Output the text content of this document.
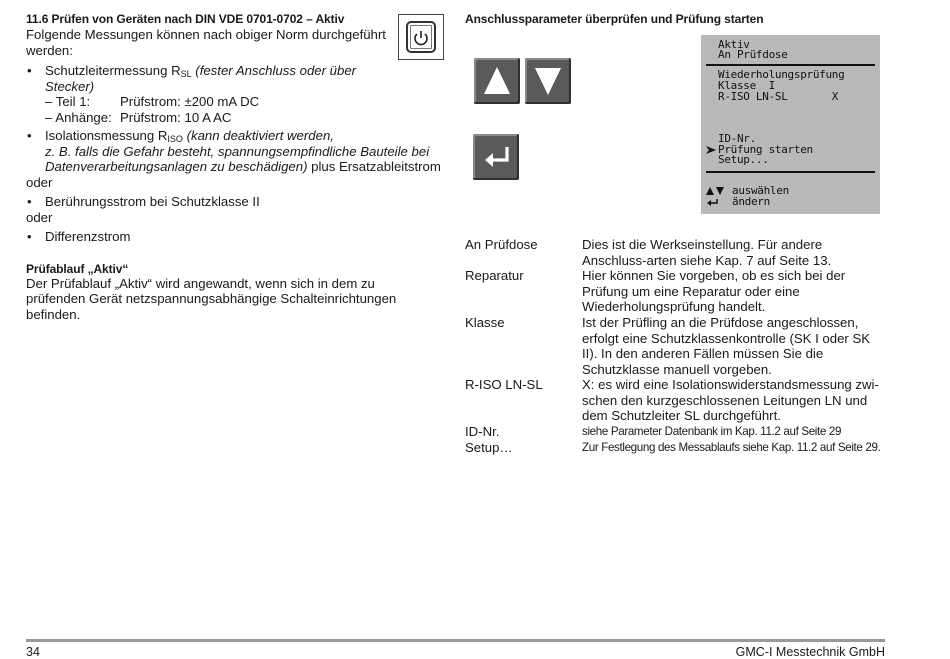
11.6 Prüfen von Geräten nach DIN VDE 0701-0702 – Aktiv
Folgende Messungen können nach obiger Norm durchgeführt werden:
• Schutzleitermessung $R_{SL}$ (fester Anschluss oder über Stecker)
– Teil 1:	Prüfstrom: ±200 mA DC
– Anhänge: Prüfstrom: 10 A AC
• Isolationsmessung $R_{ISO}$ (kann deaktiviert werden,
z. B. falls die Gefahr besteht, spannungsempfindliche Bauteile bei Datenverarbeitungsanlagen zu beschädigen) plus Ersatzableitstrom
oder
• Berührungsstrom bei Schutzklasse II
oder
• Differenzstrom
Prüfablauf „Aktiv“
Der Prüfablauf „Aktiv“ wird angewandt, wenn sich in dem zu prüfenden Gerät netzspannungsabhängige Schalteinrichtungen befinden.
Anschlussparameter überprüfen und Prüfung starten
Aktiv
An Prüfdose
Wiederholungsprüfung
Klasse  I
R-ISO LN-SL       X
ID-Nr.
Prüfung starten
Setup...
auswählen
ändern
An Prüfdose	Dies ist die Werkseinstellung. Für andere Anschluss-arten siehe Kap. 7 auf Seite 13.
Reparatur	Hier können Sie vorgeben, ob es sich bei der Prüfung um eine Reparatur oder eine Wiederholungsprüfung handelt.
Klasse	Ist der Prüfling an die Prüfdose angeschlossen, erfolgt eine Schutzklassenkontrolle (SK I oder SK II). In den anderen Fällen müssen Sie die Schutzklasse manuell vorgeben.
R-ISO LN-SL	X: es wird eine Isolationswiderstandsmessung zwi-schen den kurzgeschlossenen Leitungen LN und dem Schutzleiter SL durchgeführt.
ID-Nr.	siehe Parameter Datenbank im Kap. 11.2 auf Seite 29
Setup…	Zur Festlegung des Messablaufs siehe Kap. 11.2 auf Seite 29.
34	GMC-I Messtechnik GmbH
